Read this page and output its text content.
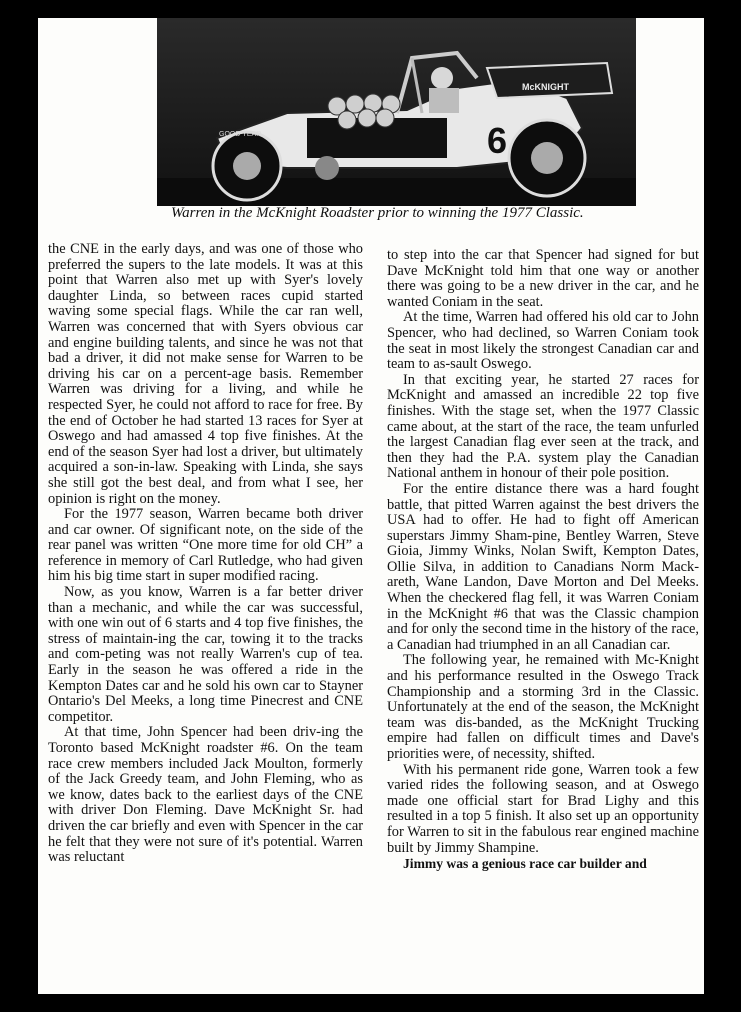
6
McKNIGHT
GOOD YEAR
Warren in the McKnight Roadster prior to winning the 1977 Classic.

the CNE in the early days, and was one of those who preferred the supers to the late models. It was at this point that Warren also met up with Syer's lovely daughter Linda, so between races cupid started waving some special flags. While the car ran well, Warren was concerned that with Syers obvious car and engine building talents, and since he was not that bad a driver, it did not make sense for Warren to be driving his car on a percent-age basis. Remember Warren was driving for a living, and while he respected Syer, he could not afford to race for free. By the end of October he had started 13 races for Syer at Oswego and had amassed 4 top five finishes. At the end of the season Syer had lost a driver, but ultimately acquired a son-in-law. Speaking with Linda, she says she still got the best deal, and from what I see, her opinion is right on the money.

For the 1977 season, Warren became both driver and car owner. Of significant note, on the side of the rear panel was written “One more time for old CH” a reference in memory of Carl Rutledge, who had given him his big time start in super modified racing.

Now, as you know, Warren is a far better driver than a mechanic, and while the car was successful, with one win out of 6 starts and 4 top five finishes, the stress of maintain-ing the car, towing it to the tracks and com-peting was not really Warren's cup of tea. Early in the season he was offered a ride in the Kempton Dates car and he sold his own car to Stayner Ontario's Del Meeks, a long time Pinecrest and CNE competitor.

At that time, John Spencer had been driv-ing the Toronto based McKnight roadster #6. On the team race crew members included Jack Moulton, formerly of the Jack Greedy team, and John Fleming, who as we know, dates back to the earliest days of the CNE with driver Don Fleming. Dave McKnight Sr. had driven the car briefly and even with Spencer in the car he felt that they were not sure of it's potential. Warren was reluctant

to step into the car that Spencer had signed for but Dave McKnight told him that one way or another there was going to be a new driver in the car, and he wanted Coniam in the seat.

At the time, Warren had offered his old car to John Spencer, who had declined, so Warren Coniam took the seat in most likely the strongest Canadian car and team to as-sault Oswego.

In that exciting year, he started 27 races for McKnight and amassed an incredible 22 top five finishes. With the stage set, when the 1977 Classic came about, at the start of the race, the team unfurled the largest Canadian flag ever seen at the track, and then they had the P.A. system play the Canadian National anthem in honour of their pole position.

For the entire distance there was a hard fought battle, that pitted Warren against the best drivers the USA had to offer. He had to fight off American superstars Jimmy Sham-pine, Bentley Warren, Steve Gioia, Jimmy Winks, Nolan Swift, Kempton Dates, Ollie Silva, in addition to Canadians Norm Mack-areth, Wane Landon, Dave Morton and Del Meeks. When the checkered flag fell, it was Warren Coniam in the McKnight #6 that was the Classic champion and for only the second time in the history of the race, a Canadian had triumphed in an all Canadian car.

The following year, he remained with Mc-Knight and his performance resulted in the Oswego Track Championship and a storming 3rd in the Classic. Unfortunately at the end of the season, the McKnight team was dis-banded, as the McKnight Trucking empire had fallen on difficult times and Dave's priorities were, of necessity, shifted.

With his permanent ride gone, Warren took a few varied rides the following season, and at Oswego made one official start for Brad Lighy and this resulted in a top 5 finish. It also set up an opportunity for Warren to sit in the fabulous rear engined machine built by Jimmy Shampine.

Jimmy was a genious race car builder and
